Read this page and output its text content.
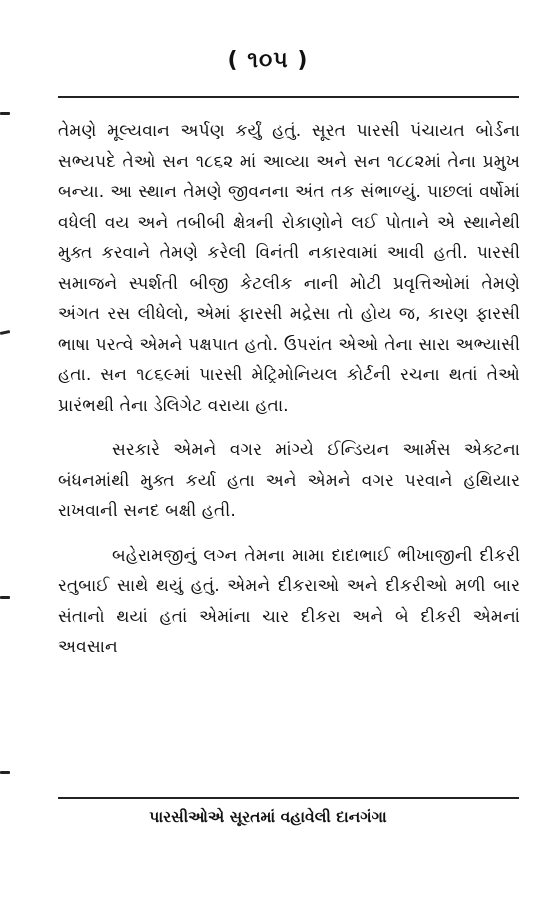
( ૧૦૫ )

તેમણે મૂલ્યવાન અર્પણ કર્યું હતું. સૂરત પારસી પંચાયત બોર્ડના સભ્યપદે તેઓ સન ૧૮૬૨ માં આવ્યા અને સન ૧૮૮૨માં તેના પ્રમુખ બન્યા. આ સ્થાન તેમણે જીવનના અંત તક સંભાળ્યું. પાછલાં વર્ષોમાં વધેલી વય અને તબીબી ક્ષેત્રની રોકાણોને લઈ પોતાને એ સ્થાનેથી મુક્ત કરવાને તેમણે કરેલી વિનંતી નકારવામાં આવી હતી. પારસી સમાજને સ્પર્શતી બીજી કેટલીક નાની મોટી પ્રવૃત્તિઓમાં તેમણે અંગત રસ લીધેલો, એમાં ફારસી મદ્રેસા તો હોય જ, કારણ ફારસી ભાષા પરત્વે એમને પક્ષપાત હતો. ઉપરાંત એઓ તેના સારા અભ્યાસી હતા. સન ૧૮૬૯માં પારસી મેટ્રિમોનિયલ કોર્ટની રચના થતાં તેઓ પ્રારંભથી તેના ડેલિગેટ વરાયા હતા.

સરકારે એમને વગર માંગ્યે ઈન્ડિયન આર્મસ એક્ટના બંધનમાંથી મુક્ત કર્યા હતા અને એમને વગર પરવાને હથિયાર રાખવાની સનદ બક્ષી હતી.

બહેરામજીનું લગ્ન તેમના મામા દાદાભાઈ ભીખાજીની દીકરી રતુબાઈ સાથે થયું હતું. એમને દીકરાઓ અને દીકરીઓ મળી બાર સંતાનો થયાં હતાં એમાંના ચાર દીકરા અને બે દીકરી એમનાં અવસાન

પારસીઓએ સૂરતમાં વહાવેલી દાનગંગા
